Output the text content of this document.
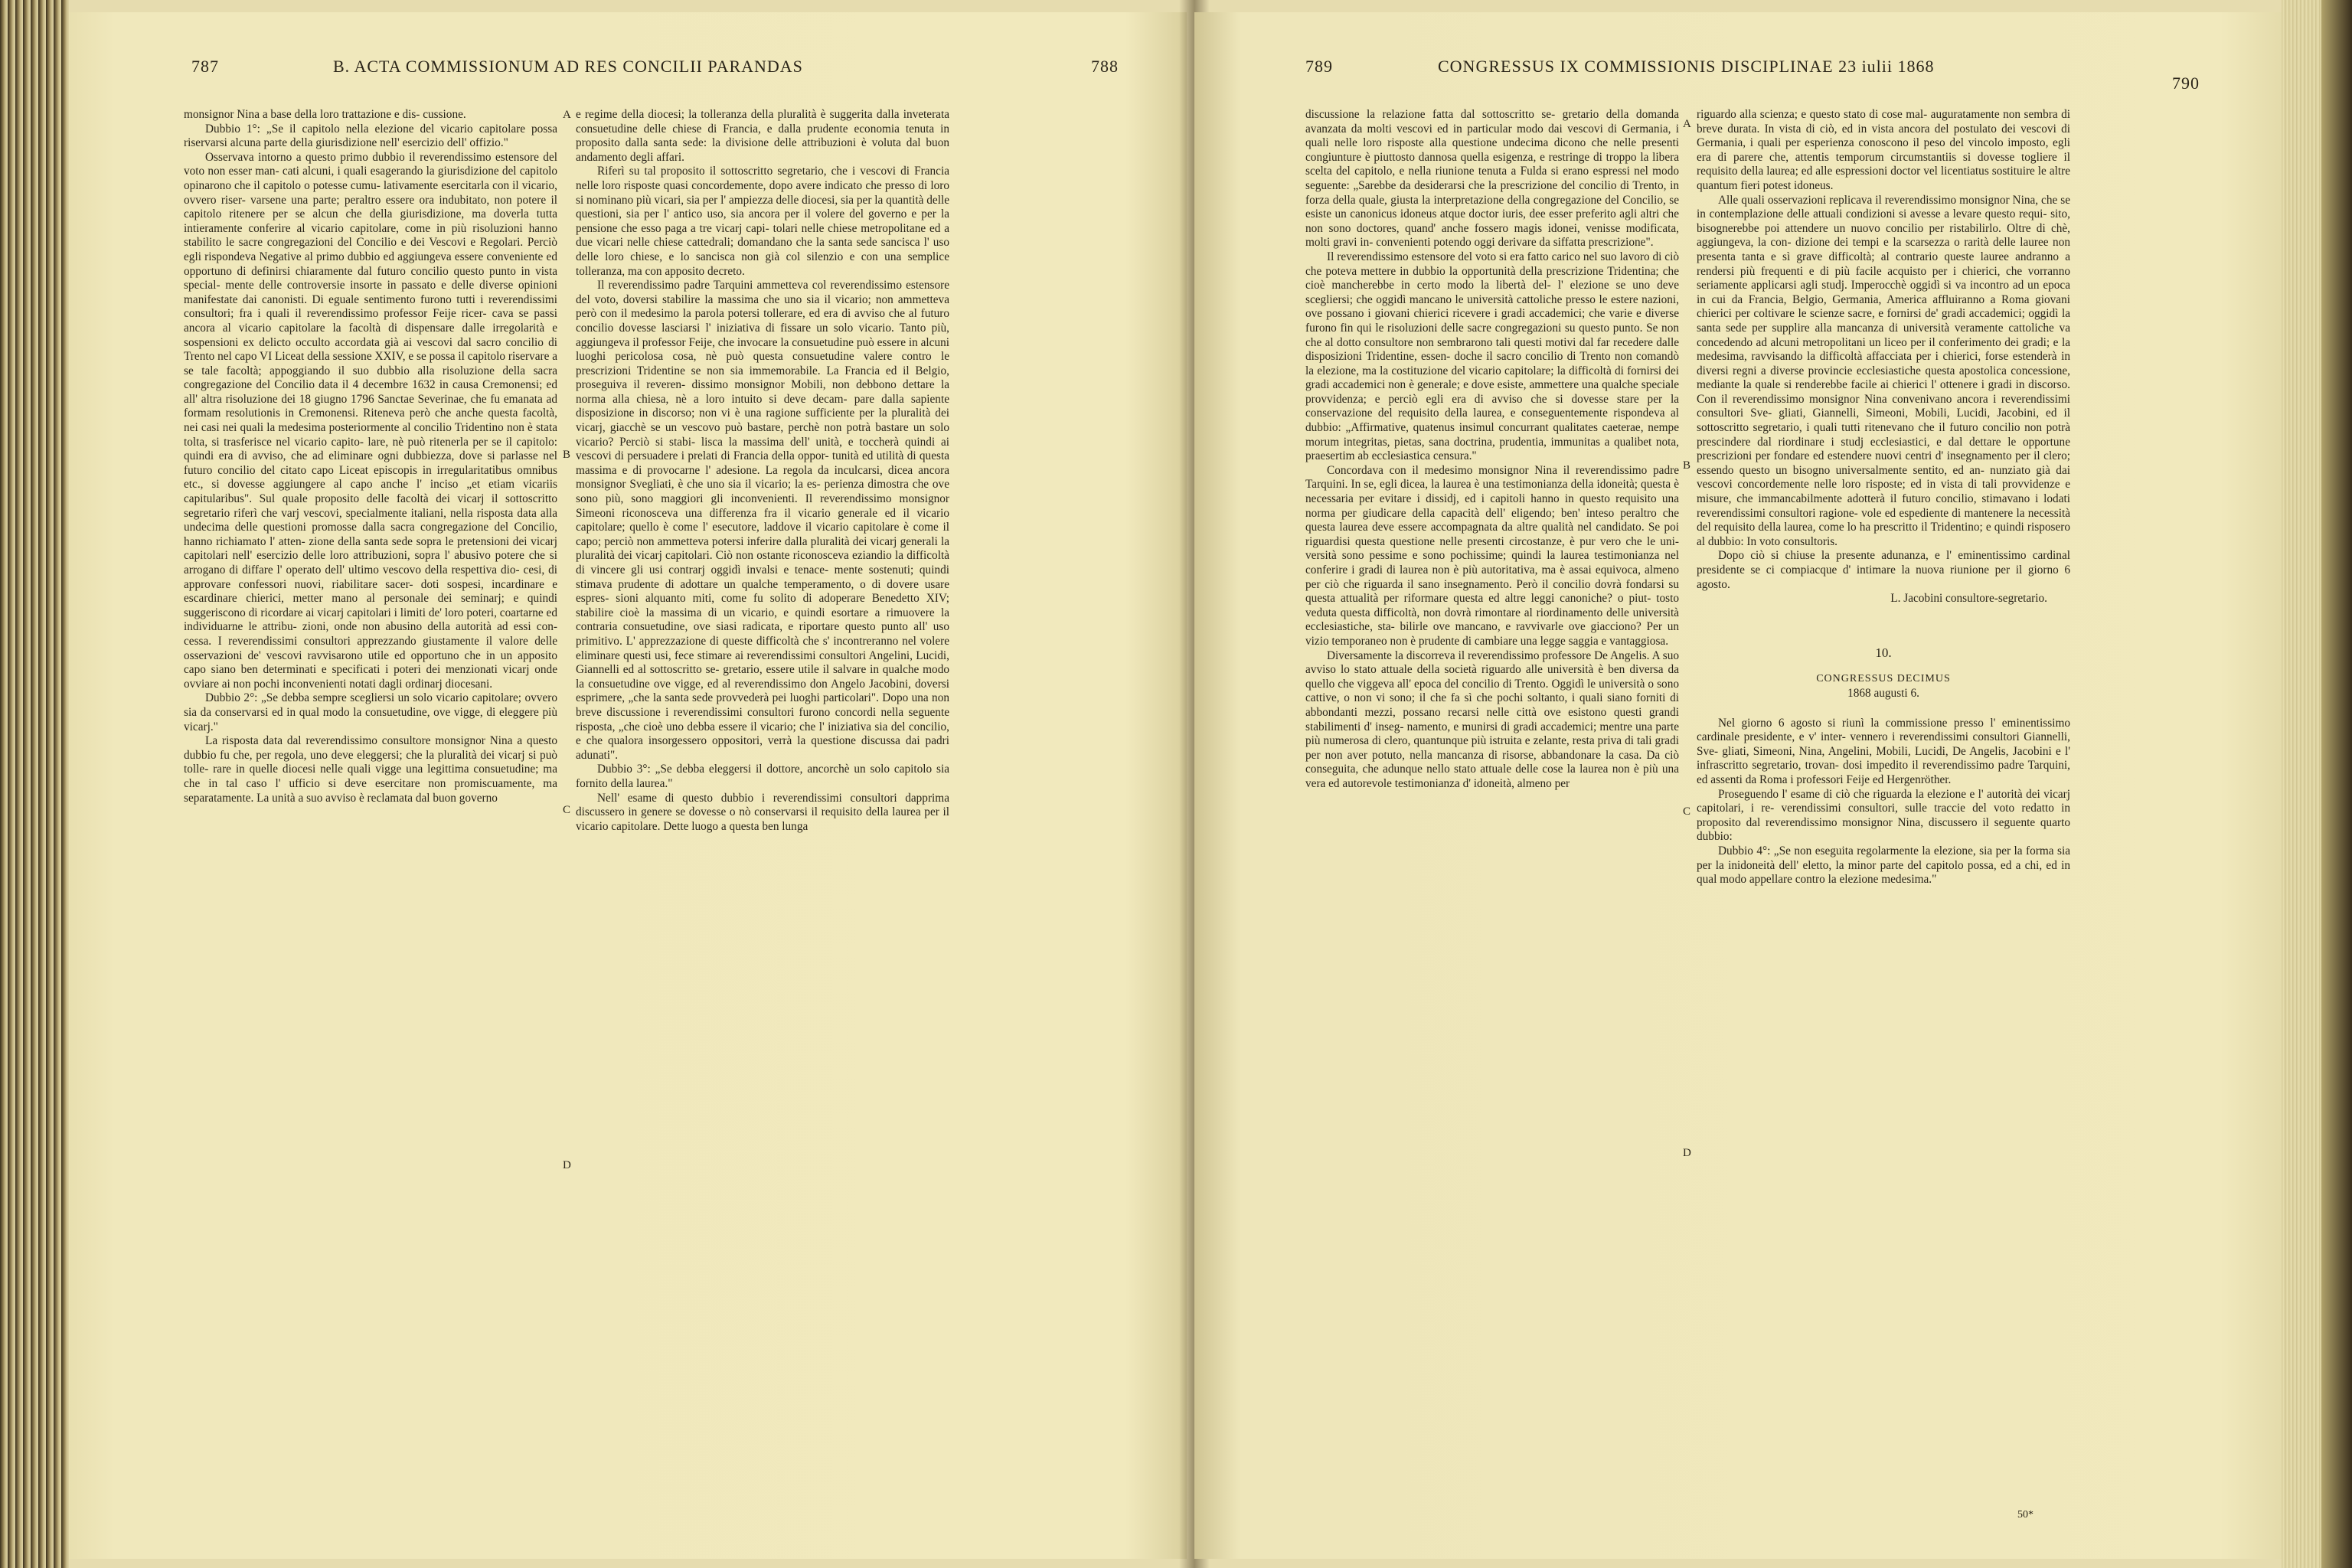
787	B. ACTA COMMISSIONUM AD RES CONCILII PARANDAS	788

monsignor Nina a base della loro trattazione e dis- cussione.

Dubbio 1°: „Se il capitolo nella elezione del vicario capitolare possa riservarsi alcuna parte della giurisdizione nell' esercizio dell' offizio."

Osservava intorno a questo primo dubbio il reverendissimo estensore del voto non esser man- cati alcuni, i quali esagerando la giurisdizione del capitolo opinarono che il capitolo o potesse cumu- lativamente esercitarla con il vicario, ovvero riser- varsene una parte; peraltro essere ora indubitato, non potere il capitolo ritenere per se alcun che della giurisdizione, ma doverla tutta intieramente conferire al vicario capitolare, come in più risoluzioni hanno stabilito le sacre congregazioni del Concilio e dei Vescovi e Regolari. Perciò egli rispondeva Negative al primo dubbio ed aggiungeva essere conveniente ed opportuno di definirsi chiaramente dal futuro concilio questo punto in vista special- mente delle controversie insorte in passato e delle diverse opinioni manifestate dai canonisti. Di eguale sentimento furono tutti i reverendissimi consultori; fra i quali il reverendissimo professor Feije ricer- cava se passi ancora al vicario capitolare la facoltà di dispensare dalle irregolarità e sospensioni ex delicto occulto accordata già ai vescovi dal sacro concilio di Trento nel capo VI Liceat della sessione XXIV, e se possa il capitolo riservare a se tale facoltà; appoggiando il suo dubbio alla risoluzione della sacra congregazione del Concilio data il 4 decembre 1632 in causa Cremonensi; ed all' altra risoluzione dei 18 giugno 1796 Sanctae Severinae, che fu emanata ad formam resolutionis in Cremonensi. Riteneva però che anche questa facoltà, nei casi nei quali la medesima posteriormente al concilio Tridentino non è stata tolta, si trasferisce nel vicario capito- lare, nè può ritenerla per se il capitolo: quindi era di avviso, che ad eliminare ogni dubbiezza, dove si parlasse nel futuro concilio del citato capo Liceat episcopis in irregularitatibus omnibus etc., si dovesse aggiungere al capo anche l' inciso „et etiam vicariis capitularibus". Sul quale proposito delle facoltà dei vicarj il sottoscritto segretario riferì che varj vescovi, specialmente italiani, nella risposta data alla undecima delle questioni promosse dalla sacra congregazione del Concilio, hanno richiamato l' atten- zione della santa sede sopra le pretensioni dei vicarj capitolari nell' esercizio delle loro attribuzioni, sopra l' abusivo potere che si arrogano di diffare l' operato dell' ultimo vescovo della respettiva dio- cesi, di approvare confessori nuovi, riabilitare sacer- doti sospesi, incardinare e escardinare chierici, metter mano al personale dei seminarj; e quindi suggeriscono di ricordare ai vicarj capitolari i limiti de' loro poteri, coartarne ed individuarne le attribu- zioni, onde non abusino della autorità ad essi con- cessa. I reverendissimi consultori apprezzando giustamente il valore delle osservazioni de' vescovi ravvisarono utile ed opportuno che in un apposito capo siano ben determinati e specificati i poteri dei menzionati vicarj onde ovviare ai non pochi inconvenienti notati dagli ordinarj diocesani.

Dubbio 2°: „Se debba sempre scegliersi un solo vicario capitolare; ovvero sia da conservarsi ed in qual modo la consuetudine, ove vigge, di eleggere più vicarj."

La risposta data dal reverendissimo consultore monsignor Nina a questo dubbio fu che, per regola, uno deve eleggersi; che la pluralità dei vicarj si può tolle- rare in quelle diocesi nelle quali vigge una legittima consuetudine; ma che in tal caso l' ufficio si deve esercitare non promiscuamente, ma separatamente. La unità a suo avviso è reclamata dal buon governo

A
B
C
D

e regime della diocesi; la tolleranza della pluralità è suggerita dalla inveterata consuetudine delle chiese di Francia, e dalla prudente economia tenuta in proposito dalla santa sede: la divisione delle attribuzioni è voluta dal buon andamento degli affari.

Riferì su tal proposito il sottoscritto segretario, che i vescovi di Francia nelle loro risposte quasi concordemente, dopo avere indicato che presso di loro si nominano più vicari, sia per l' ampiezza delle diocesi, sia per la quantità delle questioni, sia per l' antico uso, sia ancora per il volere del governo e per la pensione che esso paga a tre vicarj capi- tolari nelle chiese metropolitane ed a due vicari nelle chiese cattedrali; domandano che la santa sede sancisca l' uso delle loro chiese, e lo sancisca non già col silenzio e con una semplice tolleranza, ma con apposito decreto.

Il reverendissimo padre Tarquini ammetteva col reverendissimo estensore del voto, doversi stabilire la massima che uno sia il vicario; non ammetteva però con il medesimo la parola potersi tollerare, ed era di avviso che al futuro concilio dovesse lasciarsi l' iniziativa di fissare un solo vicario. Tanto più, aggiungeva il professor Feije, che invocare la consuetudine può essere in alcuni luoghi pericolosa cosa, nè può questa consuetudine valere contro le prescrizioni Tridentine se non sia immemorabile. La Francia ed il Belgio, proseguiva il reveren- dissimo monsignor Mobili, non debbono dettare la norma alla chiesa, nè a loro intuito si deve decam- pare dalla sapiente disposizione in discorso; non vi è una ragione sufficiente per la pluralità dei vicarj, giacchè se un vescovo può bastare, perchè non potrà bastare un solo vicario? Perciò si stabi- lisca la massima dell' unità, e toccherà quindi ai vescovi di persuadere i prelati di Francia della oppor- tunità ed utilità di questa massima e di provocarne l' adesione. La regola da inculcarsi, dicea ancora monsignor Svegliati, è che uno sia il vicario; la es- perienza dimostra che ove sono più, sono maggiori gli inconvenienti. Il reverendissimo monsignor Simeoni riconosceva una differenza fra il vicario generale ed il vicario capitolare; quello è come l' esecutore, laddove il vicario capitolare è come il capo; perciò non ammetteva potersi inferire dalla pluralità dei vicarj generali la pluralità dei vicarj capitolari. Ciò non ostante riconosceva eziandio la difficoltà di vincere gli usi contrarj oggidì invalsi e tenace- mente sostenuti; quindi stimava prudente di adottare un qualche temperamento, o di dovere usare espres- sioni alquanto miti, come fu solito di adoperare Benedetto XIV; stabilire cioè la massima di un vicario, e quindi esortare a rimuovere la contraria consuetudine, ove siasi radicata, e riportare questo punto all' uso primitivo. L' apprezzazione di queste difficoltà che s' incontreranno nel volere eliminare questi usi, fece stimare ai reverendissimi consultori Angelini, Lucidi, Giannelli ed al sottoscritto se- gretario, essere utile il salvare in qualche modo la consuetudine ove vigge, ed al reverendissimo don Angelo Jacobini, doversi esprimere, „che la santa sede provvederà pei luoghi particolari". Dopo una non breve discussione i reverendissimi consultori furono concordi nella seguente risposta, „che cioè uno debba essere il vicario; che l' iniziativa sia del concilio, e che qualora insorgessero oppositori, verrà la questione discussa dai padri adunati".

Dubbio 3°: „Se debba eleggersi il dottore, ancorchè un solo capitolo sia fornito della laurea."

Nell' esame di questo dubbio i reverendissimi consultori dapprima discussero in genere se dovesse o nò conservarsi il requisito della laurea per il vicario capitolare. Dette luogo a questa ben lunga

789	CONGRESSUS IX COMMISSIONIS DISCIPLINAE 23 iulii 1868
790

discussione la relazione fatta dal sottoscritto se- gretario della domanda avanzata da molti vescovi ed in particular modo dai vescovi di Germania, i quali nelle loro risposte alla questione undecima dicono che nelle presenti congiunture è piuttosto dannosa quella esigenza, e restringe di troppo la libera scelta del capitolo, e nella riunione tenuta a Fulda si erano espressi nel modo seguente: „Sarebbe da desiderarsi che la prescrizione del concilio di Trento, in forza della quale, giusta la interpretazione della congregazione del Concilio, se esiste un canonicus idoneus atque doctor iuris, dee esser preferito agli altri che non sono doctores, quand' anche fossero magis idonei, venisse modificata, molti gravi in- convenienti potendo oggi derivare da siffatta prescrizione".

Il reverendissimo estensore del voto si era fatto carico nel suo lavoro di ciò che poteva mettere in dubbio la opportunità della prescrizione Tridentina; che cioè mancherebbe in certo modo la libertà del- l' elezione se uno deve scegliersi; che oggidì mancano le università cattoliche presso le estere nazioni, ove possano i giovani chierici ricevere i gradi accademici; che varie e diverse furono fin qui le risoluzioni delle sacre congregazioni su questo punto. Se non che al dotto consultore non sembrarono tali questi motivi dal far recedere dalle disposizioni Tridentine, essen- doche il sacro concilio di Trento non comandò la elezione, ma la costituzione del vicario capitolare; la difficoltà di fornirsi dei gradi accademici non è generale; e dove esiste, ammettere una qualche speciale provvidenza; e perciò egli era di avviso che si dovesse stare per la conservazione del requisito della laurea, e conseguentemente rispondeva al dubbio: „Affirmative, quatenus insimul concurrant qualitates caeterae, nempe morum integritas, pietas, sana doctrina, prudentia, immunitas a qualibet nota, praesertim ab ecclesiastica censura."

Concordava con il medesimo monsignor Nina il reverendissimo padre Tarquini. In se, egli dicea, la laurea è una testimonianza della idoneità; questa è necessaria per evitare i dissidj, ed i capitoli hanno in questo requisito una norma per giudicare della capacità dell' eligendo; ben' inteso peraltro che questa laurea deve essere accompagnata da altre qualità nel candidato. Se poi riguardisi questa questione nelle presenti circostanze, è pur vero che le uni- versità sono pessime e sono pochissime; quindi la laurea testimonianza nel conferire i gradi di laurea non è più autoritativa, ma è assai equivoca, almeno per ciò che riguarda il sano insegnamento. Però il concilio dovrà fondarsi su questa attualità per riformare questa ed altre leggi canoniche? o piut- tosto veduta questa difficoltà, non dovrà rimontare al riordinamento delle università ecclesiastiche, sta- bilirle ove mancano, e ravvivarle ove giacciono? Per un vizio temporaneo non è prudente di cambiare una legge saggia e vantaggiosa.

Diversamente la discorreva il reverendissimo professore De Angelis. A suo avviso lo stato attuale della società riguardo alle università è ben diversa da quello che viggeva all' epoca del concilio di Trento. Oggidì le università o sono cattive, o non vi sono; il che fa sì che pochi soltanto, i quali siano forniti di abbondanti mezzi, possano recarsi nelle città ove esistono questi grandi stabilimenti d' inseg- namento, e munirsi di gradi accademici; mentre una parte più numerosa di clero, quantunque più istruita e zelante, resta priva di tali gradi per non aver potuto, nella mancanza di risorse, abbandonare la casa. Da ciò conseguita, che adunque nello stato attuale delle cose la laurea non è più una vera ed autorevole testimonianza d' idoneità, almeno per

A
B
C
D

riguardo alla scienza; e questo stato di cose mal- auguratamente non sembra di breve durata. In vista di ciò, ed in vista ancora del postulato dei vescovi di Germania, i quali per esperienza conoscono il peso del vincolo imposto, egli era di parere che, attentis temporum circumstantiis si dovesse togliere il requisito della laurea; ed alle espressioni doctor vel licentiatus sostituire le altre quantum fieri potest idoneus.

Alle quali osservazioni replicava il reverendissimo monsignor Nina, che se in contemplazione delle attuali condizioni si avesse a levare questo requi- sito, bisognerebbe poi attendere un nuovo concilio per ristabilirlo. Oltre di chè, aggiungeva, la con- dizione dei tempi e la scarsezza o rarità delle lauree non presenta tanta e sì grave difficoltà; al contrario queste lauree andranno a rendersi più frequenti e di più facile acquisto per i chierici, che vorranno seriamente applicarsi agli studj. Imperocchè oggidì si va incontro ad un epoca in cui da Francia, Belgio, Germania, America affluiranno a Roma giovani chierici per coltivare le scienze sacre, e fornirsi de' gradi accademici; oggidì la santa sede per supplire alla mancanza di università veramente cattoliche va concedendo ad alcuni metropolitani un liceo per il conferimento dei gradi; e la medesima, ravvisando la difficoltà affacciata per i chierici, forse estenderà in diversi regni a diverse provincie ecclesiastiche questa apostolica concessione, mediante la quale si renderebbe facile ai chierici l' ottenere i gradi in discorso. Con il reverendissimo monsignor Nina convenivano ancora i reverendissimi consultori Sve- gliati, Giannelli, Simeoni, Mobili, Lucidi, Jacobini, ed il sottoscritto segretario, i quali tutti ritenevano che il futuro concilio non potrà prescindere dal riordinare i studj ecclesiastici, e dal dettare le opportune prescrizioni per fondare ed estendere nuovi centri d' insegnamento per il clero; essendo questo un bisogno universalmente sentito, ed an- nunziato già dai vescovi concordemente nelle loro risposte; ed in vista di tali provvidenze e misure, che immancabilmente adotterà il futuro concilio, stimavano i lodati reverendissimi consultori ragione- vole ed espediente di mantenere la necessità del requisito della laurea, come lo ha prescritto il Tridentino; e quindi risposero al dubbio: In voto consultoris.

Dopo ciò si chiuse la presente adunanza, e l' eminentissimo cardinal presidente se ci compiacque d' intimare la nuova riunione per il giorno 6 agosto.

L. Jacobini consultore-segretario.

10.

CONGRESSUS DECIMUS

1868 augusti 6.

Nel giorno 6 agosto si riunì la commissione presso l' eminentissimo cardinale presidente, e v' inter- vennero i reverendissimi consultori Giannelli, Sve- gliati, Simeoni, Nina, Angelini, Mobili, Lucidi, De Angelis, Jacobini e l' infrascritto segretario, trovan- dosi impedito il reverendissimo padre Tarquini, ed assenti da Roma i professori Feije ed Hergenröther.

Proseguendo l' esame di ciò che riguarda la elezione e l' autorità dei vicarj capitolari, i re- verendissimi consultori, sulle traccie del voto redatto in proposito dal reverendissimo monsignor Nina, discussero il seguente quarto dubbio:

Dubbio 4°: „Se non eseguita regolarmente la elezione, sia per la forma sia per la inidoneità dell' eletto, la minor parte del capitolo possa, ed a chi, ed in qual modo appellare contro la elezione medesima."

50*
